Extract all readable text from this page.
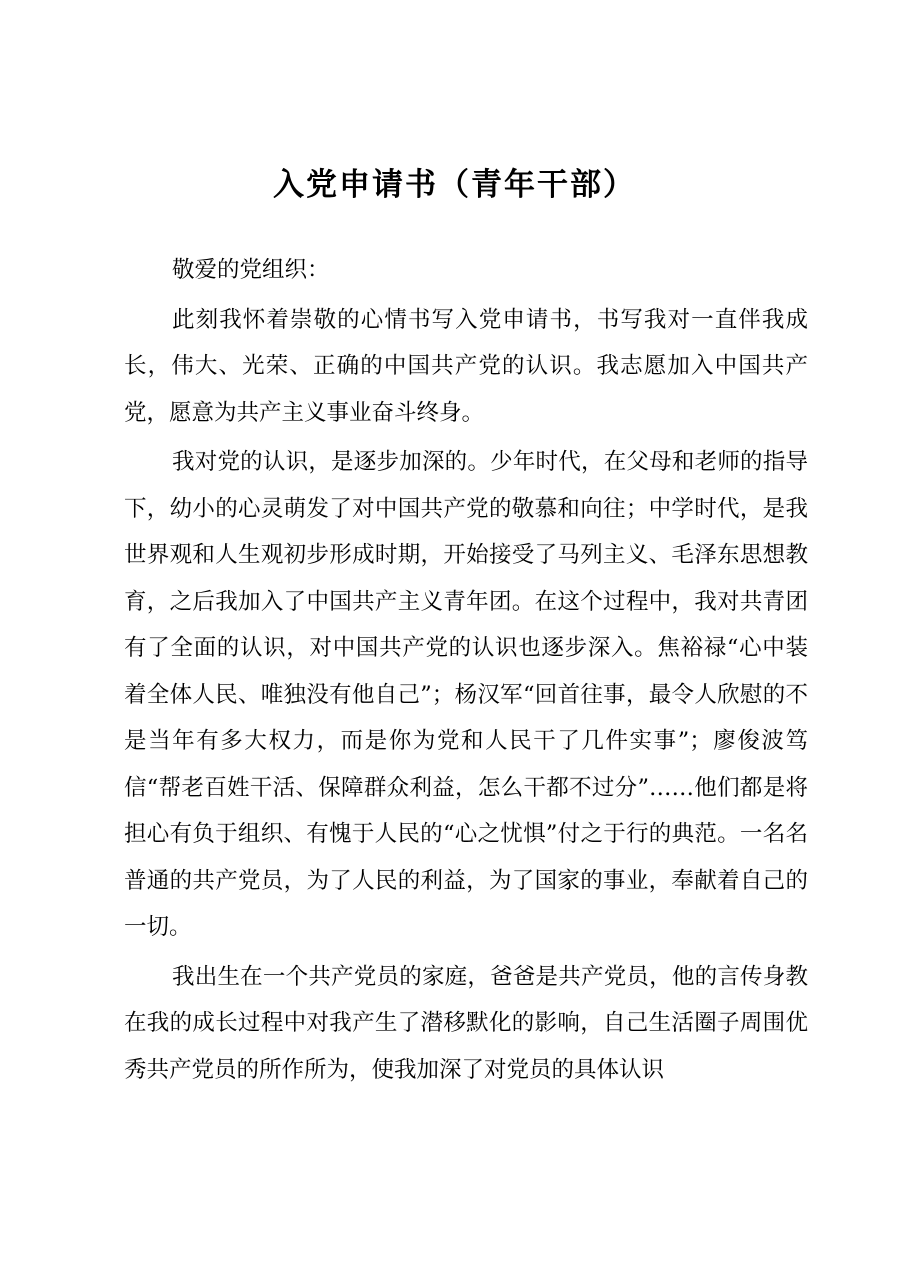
入党申请书（青年干部）

敬爱的党组织：

此刻我怀着崇敬的心情书写入党申请书，书写我对一直伴我成长，伟大、光荣、正确的中国共产党的认识。我志愿加入中国共产党，愿意为共产主义事业奋斗终身。

我对党的认识，是逐步加深的。少年时代，在父母和老师的指导下，幼小的心灵萌发了对中国共产党的敬慕和向往；中学时代，是我世界观和人生观初步形成时期，开始接受了马列主义、毛泽东思想教育，之后我加入了中国共产主义青年团。在这个过程中，我对共青团有了全面的认识，对中国共产党的认识也逐步深入。焦裕禄“心中装着全体人民、唯独没有他自己”；杨汉军“回首往事，最令人欣慰的不是当年有多大权力，而是你为党和人民干了几件实事”；廖俊波笃信“帮老百姓干活、保障群众利益，怎么干都不过分”……他们都是将担心有负于组织、有愧于人民的“心之忧惧”付之于行的典范。一名名普通的共产党员，为了人民的利益，为了国家的事业，奉献着自己的一切。

我出生在一个共产党员的家庭，爸爸是共产党员，他的言传身教在我的成长过程中对我产生了潜移默化的影响，自己生活圈子周围优秀共产党员的所作所为，使我加深了对党员的具体认识
